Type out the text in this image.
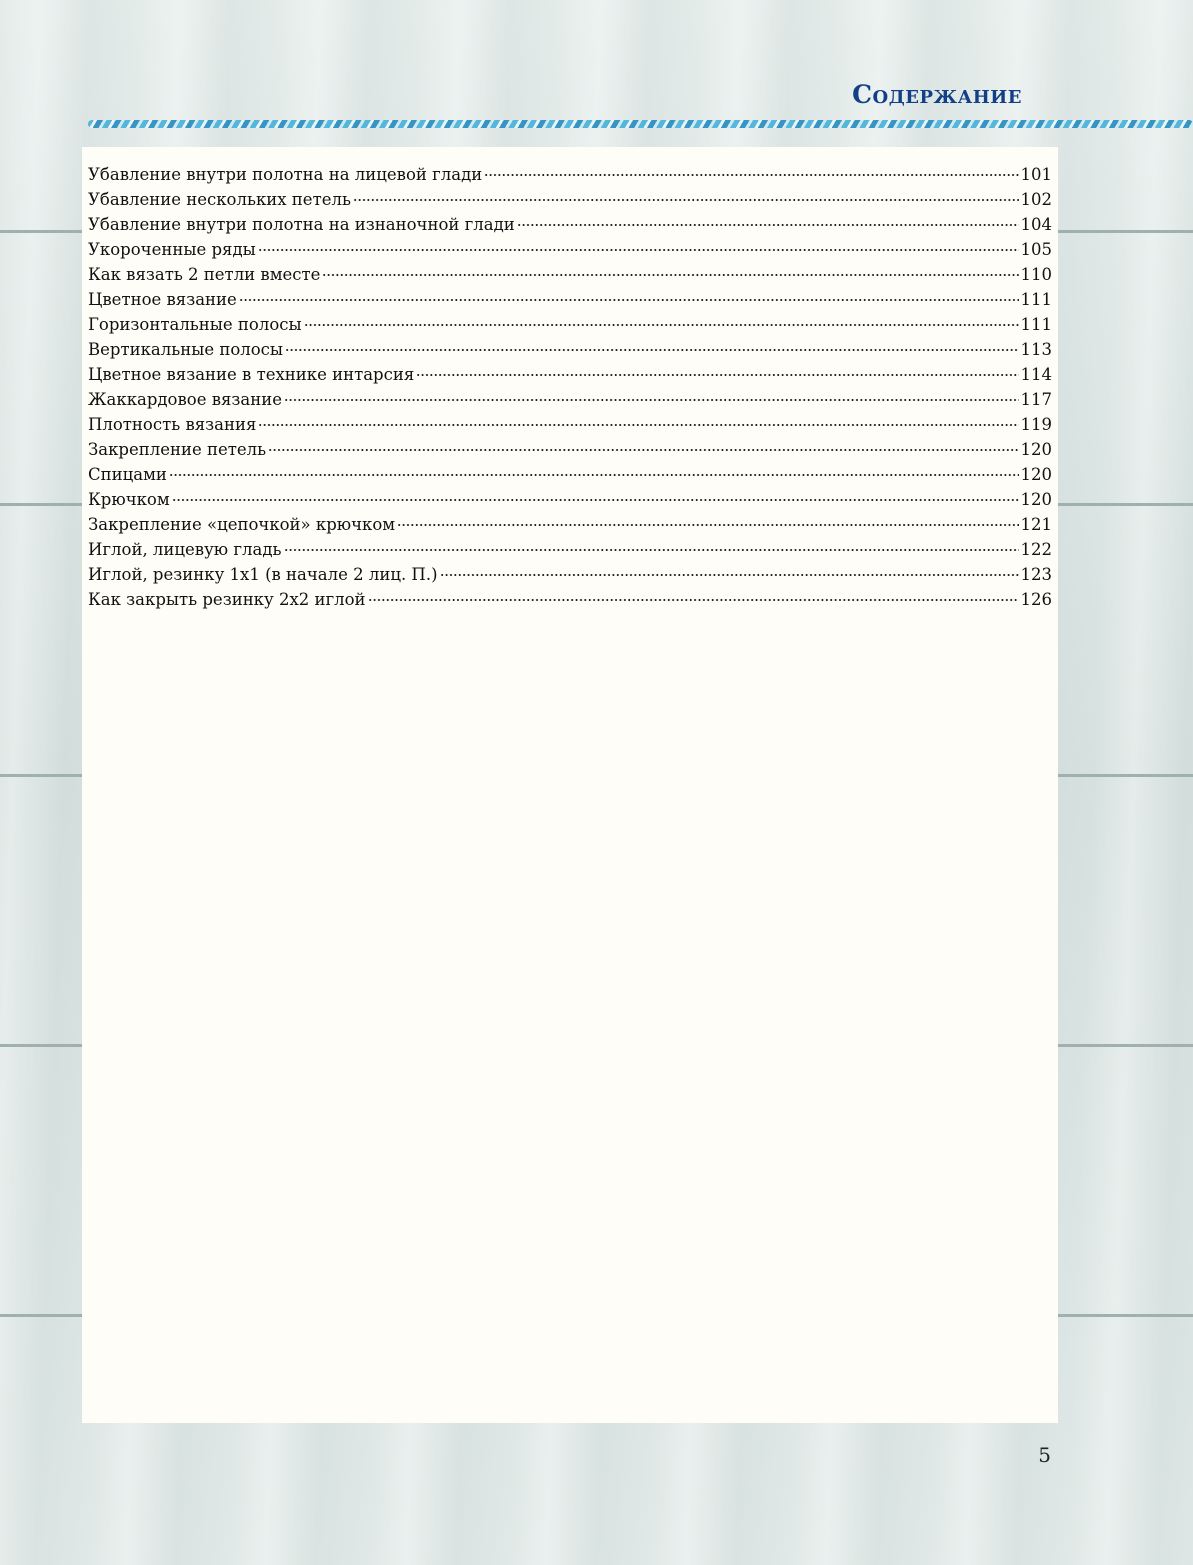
Содержание
Убавление внутри полотна на лицевой глади	101
Убавление нескольких петель	102
Убавление внутри полотна на изнаночной глади	104
Укороченные ряды	105
Как вязать 2 петли вместе	110
Цветное вязание	111
Горизонтальные полосы	111
Вертикальные полосы	113
Цветное вязание в технике интарсия	114
Жаккардовое вязание	117
Плотность вязания	119
Закрепление петель	120
Спицами	120
Крючком	120
Закрепление «цепочкой» крючком	121
Иглой, лицевую гладь	122
Иглой, резинку 1x1 (в начале 2 лиц. П.)	123
Как закрыть резинку 2x2 иглой	126

5
